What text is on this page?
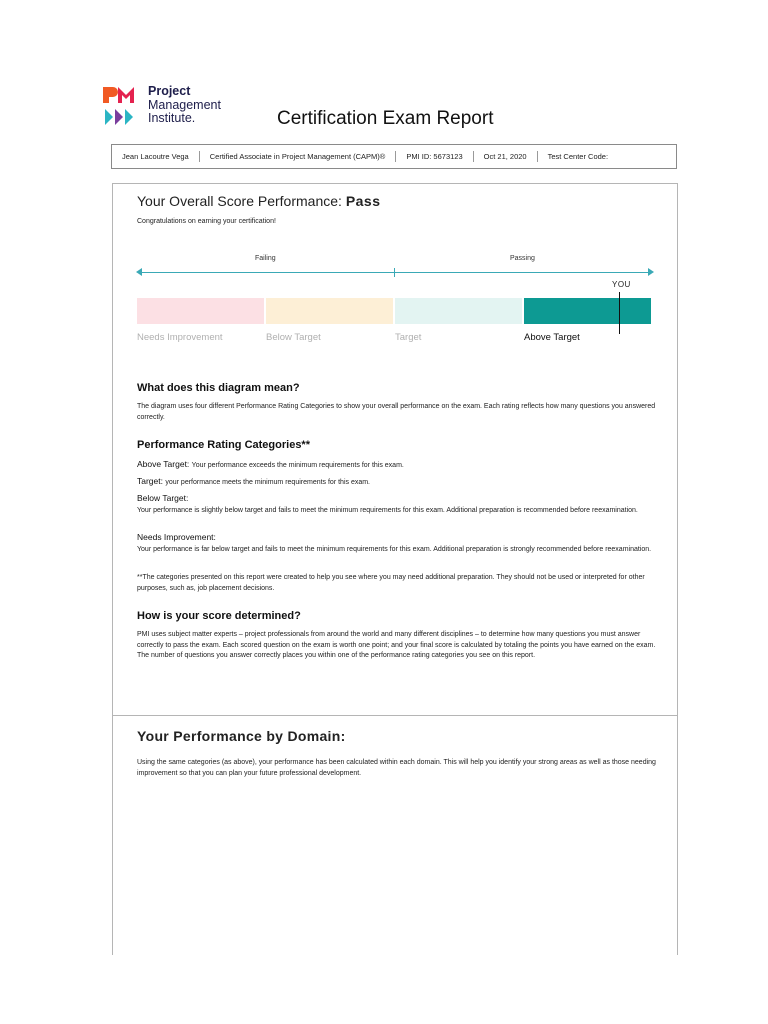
Project
Management
Institute.	Certification Exam Report
Jean Lacoutre Vega	Certified Associate in Project Management (CAPM)®	PMI ID: 5673123	Oct 21, 2020	Test Center Code:
Your Overall Score Performance: Pass
Congratulations on earning your certification!
Failing	Passing
YOU
Needs Improvement	Below Target	Target	Above Target
What does this diagram mean?
The diagram uses four different Performance Rating Categories to show your overall performance on the exam. Each rating reflects how many questions you answered correctly.
Performance Rating Categories**
Above Target: Your performance exceeds the minimum requirements for this exam.
Target: your performance meets the minimum requirements for this exam.
Below Target:
Your performance is slightly below target and fails to meet the minimum requirements for this exam. Additional preparation is recommended before reexamination.
Needs Improvement:
Your performance is far below target and fails to meet the minimum requirements for this exam. Additional preparation is strongly recommended before reexamination.
**The categories presented on this report were created to help you see where you may need additional preparation. They should not be used or interpreted for other purposes, such as, job placement decisions.
How is your score determined?
PMI uses subject matter experts – project professionals from around the world and many different disciplines – to determine how many questions you must answer correctly to pass the exam. Each scored question on the exam is worth one point; and your final score is calculated by totaling the points you have earned on the exam. The number of questions you answer correctly places you within one of the performance rating categories you see on this report.
Your Performance by Domain:
Using the same categories (as above), your performance has been calculated within each domain. This will help you identify your strong areas as well as those needing improvement so that you can plan your future professional development.
